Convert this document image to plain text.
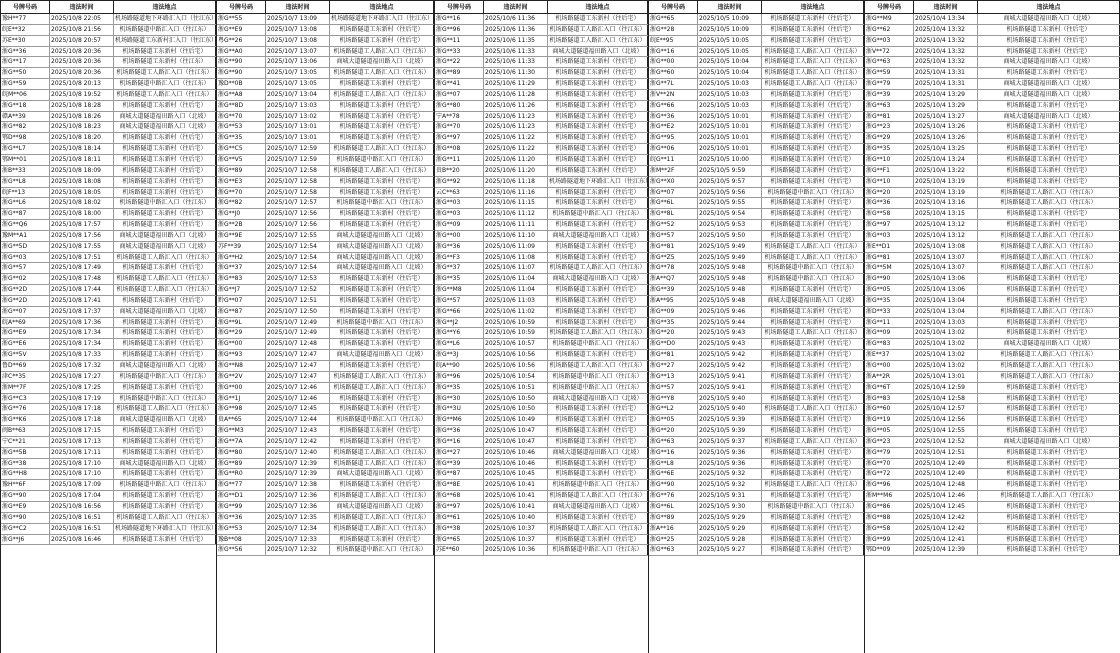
号牌号码	违法时间	违法地点
豫H**77	2025/10/8 22:05	机场路隧道地下环路汇入口（往江东）
皖E**32	2025/10/8 21:56	机场路隧道中路汇入口（往江东）
苏E**30	2025/10/8 20:57	机场路隧道工东新村汇入口（往江东）
浙G**36	2025/10/8 20:36	机场路隧道工东新村（往后宅）
浙G**17	2025/10/8 20:36	机场路隧道工东新村（往江东）
浙G**50	2025/10/8 20:36	机场路隧道工人路汇入口（往江东）
浙G**59	2025/10/8 20:13	机场路隧道中路汇入口（往江东）
皖M**06	2025/10/8 19:52	机场路隧道工人路汇入口（往江东）
浙G**18	2025/10/8 18:28	机场路隧道工东新村（往后宅）
赣A**39	2025/10/8 18:26	商城大道隧道福田路入口（北坡）
浙G**82	2025/10/8 18:23	商城大道隧道福田路入口（北坡）
鄂D**98	2025/10/8 18:20	机场路隧道工东新村（往后宅）
浙G**L7	2025/10/8 18:14	机场路隧道工东新村（往后宅）
鄂M**01	2025/10/8 18:11	机场路隧道工东新村（往后宅）
浙B**33	2025/10/8 18:09	机场路隧道工东新村（往后宅）
浙G**L8	2025/10/8 18:08	机场路隧道工东新村（往后宅）
皖F**13	2025/10/8 18:05	机场路隧道工东新村（往后宅）
浙G**L6	2025/10/8 18:02	机场路隧道中路汇入口（往江东）
浙G**87	2025/10/8 18:00	机场路隧道工东新村（往后宅）
浙G**Q6	2025/10/8 17:57	机场路隧道工东新村（往后宅）
豫M**A1	2025/10/8 17:56	商城大道隧道福田路入口（北坡）
浙G**5D	2025/10/8 17:55	商城大道隧道福田路入口（北坡）
浙G**03	2025/10/8 17:51	机场路隧道工人路汇入口（往江东）
浙G**57	2025/10/8 17:49	机场路隧道工东新村（往后宅）
浙G**02	2025/10/8 17:48	机场路隧道工人路汇入口（往江东）
浙G**2D	2025/10/8 17:44	机场路隧道工人路汇入口（往江东）
浙G**2D	2025/10/8 17:41	机场路隧道工东新村（往后宅）
浙G**07	2025/10/8 17:37	商城大道隧道福田路入口（北坡）
皖A**69	2025/10/8 17:36	机场路隧道工东新村（往后宅）
浙G**E9	2025/10/8 17:34	机场路隧道工东新村（往后宅）
浙G**E6	2025/10/8 17:34	机场路隧道工东新村（往后宅）
浙G**5V	2025/10/8 17:33	机场路隧道工东新村（往后宅）
鲁D**69	2025/10/8 17:32	商城大道隧道福田路入口（北坡）
津C**35	2025/10/8 17:27	机场路隧道中路汇入口（往江东）
浙M**7F	2025/10/8 17:25	机场路隧道工东新村（往后宅）
浙G**C3	2025/10/8 17:19	机场路隧道中路汇入口（往江东）
浙G**76	2025/10/8 17:18	机场路隧道工人路汇入口（往江东）
浙G**K6	2025/10/8 17:18	商城大道隧道福田路入口（北坡）
闽B**63	2025/10/8 17:15	机场路隧道工东新村（往后宅）
宁C**21	2025/10/8 17:13	机场路隧道工东新村（往后宅）
浙G**5B	2025/10/8 17:11	机场路隧道工东新村（往后宅）
浙G**38	2025/10/8 17:10	商城大道隧道福田路入口（北坡）
浙G**H8	2025/10/8 17:10	机场路隧道工东新村（往后宅）
豫H**6F	2025/10/8 17:09	机场路隧道中路汇入口（往江东）
浙G**90	2025/10/8 17:04	机场路隧道工东新村（往后宅）
浙G**E9	2025/10/8 16:56	机场路隧道工东新村（往后宅）
浙G**90	2025/10/8 16:51	机场路隧道工人路汇入口（往江东）
浙G**C2	2025/10/8 16:51	机场路隧道地下环路汇入口（往江东）
浙G**J6	2025/10/8 16:46	机场路隧道工东新村（往后宅）
号牌号码	违法时间	违法地点
浙G**55	2025/10/7 13:09	机场路隧道地下环路汇入口（往江东）
浙G**E9	2025/10/7 13:08	机场路隧道工东新村（往后宅）
粤G**26	2025/10/7 13:08	机场路隧道工东新村（往后宅）
浙G**A0	2025/10/7 13:07	机场路隧道工人路汇入口（往江东）
浙G**90	2025/10/7 13:06	商城大道隧道福田路入口（北坡）
浙G**90	2025/10/7 13:05	机场路隧道工人路汇入口（往江东）
豫D**0B	2025/10/7 13:05	机场路隧道工东新村（往后宅）
浙G**A8	2025/10/7 13:04	机场路隧道工人路汇入口（往江东）
浙G**8D	2025/10/7 13:03	机场路隧道工东新村（往后宅）
浙G**70	2025/10/7 13:02	机场路隧道工东新村（往后宅）
浙G**53	2025/10/7 13:01	机场路隧道工东新村（往后宅）
浙G**35	2025/10/7 13:01	机场路隧道工东新村（往后宅）
浙G**C5	2025/10/7 12:59	机场路隧道工人路汇入口（往江东）
浙G**V5	2025/10/7 12:59	机场路隧道中路汇入口（往江东）
浙G**89	2025/10/7 12:58	机场路隧道工人路汇入口（往江东）
浙G**E3	2025/10/7 12:58	机场路隧道工东新村（往后宅）
浙G**70	2025/10/7 12:58	机场路隧道工东新村（往后宅）
浙G**82	2025/10/7 12:57	机场路隧道中路汇入口（往江东）
浙G**J0	2025/10/7 12:56	机场路隧道工东新村（往后宅）
浙G**2B	2025/10/7 12:56	机场路隧道工东新村（往后宅）
浙G**9E	2025/10/7 12:55	商城大道隧道福田路入口（北坡）
苏F**39	2025/10/7 12:54	商城大道隧道福田路入口（北坡）
浙G**H2	2025/10/7 12:54	商城大道隧道福田路入口（北坡）
浙G**37	2025/10/7 12:54	商城大道隧道福田路入口（北坡）
浙G**83	2025/10/7 12:53	机场路隧道工东新村（往后宅）
浙G**J7	2025/10/7 12:52	机场路隧道工东新村（往后宅）
黔G**07	2025/10/7 12:51	机场路隧道工东新村（往后宅）
浙G**87	2025/10/7 12:50	机场路隧道工东新村（往后宅）
浙G**9L	2025/10/7 12:49	机场路隧道中路汇入口（往江东）
浙G**29	2025/10/7 12:49	机场路隧道工东新村（往后宅）
浙G**00	2025/10/7 12:48	机场路隧道工东新村（往后宅）
浙G**93	2025/10/7 12:47	商城大道隧道福田路入口（北坡）
浙G**N8	2025/10/7 12:47	机场路隧道工东新村（往后宅）
浙G**2V	2025/10/7 12:47	机场路隧道工人路汇入口（往江东）
浙G**00	2025/10/7 12:46	机场路隧道工人路汇入口（往江东）
浙G**1J	2025/10/7 12:46	机场路隧道工东新村（往后宅）
浙G**98	2025/10/7 12:45	机场路隧道工东新村（往后宅）
贵A**65	2025/10/7 12:44	机场路隧道中路汇入口（往江东）
浙G**M3	2025/10/7 12:43	机场路隧道工东新村（往后宅）
浙G**7A	2025/10/7 12:42	机场路隧道工东新村（往后宅）
浙G**80	2025/10/7 12:40	机场路隧道工人路汇入口（往江东）
浙G**89	2025/10/7 12:39	机场路隧道工人路汇入口（往江东）
浙G**R0	2025/10/7 12:39	商城大道隧道福田路入口（北坡）
浙G**77	2025/10/7 12:38	机场路隧道工东新村（往后宅）
浙G**D1	2025/10/7 12:36	机场路隧道工人路汇入口（往江东）
浙G**99	2025/10/7 12:36	商城大道隧道福田路入口（北坡）
浙G**36	2025/10/7 12:35	机场路隧道工人路汇入口（往江东）
浙G**53	2025/10/7 12:34	机场路隧道工人路汇入口（往江东）
豫B**08	2025/10/7 12:33	机场路隧道工东新村（往后宅）
浙G**56	2025/10/7 12:32	机场路隧道中路汇入口（往江东）
号牌号码	违法时间	违法地点
浙G**16	2025/10/6 11:36	机场路隧道工东新村（往后宅）
浙G**96	2025/10/6 11:36	机场路隧道工人路汇入口（往江东）
浙G**11	2025/10/6 11:35	机场路隧道工人路汇入口（往江东）
浙G**33	2025/10/6 11:33	商城大道隧道福田路入口（北坡）
浙G**22	2025/10/6 11:33	机场路隧道工东新村（往后宅）
浙G**89	2025/10/6 11:30	机场路隧道工东新村（往后宅）
浙G**41	2025/10/6 11:29	机场路隧道工东新村（往后宅）
浙G**07	2025/10/6 11:28	机场路隧道工东新村（往后宅）
浙G**80	2025/10/6 11:26	机场路隧道工东新村（往后宅）
宁A**78	2025/10/6 11:23	机场路隧道工东新村（往后宅）
浙G**70	2025/10/6 11:23	机场路隧道工东新村（往后宅）
浙G**97	2025/10/6 11:22	机场路隧道工东新村（往后宅）
浙G**08	2025/10/6 11:22	机场路隧道工东新村（往后宅）
浙G**11	2025/10/6 11:20	机场路隧道工东新村（往后宅）
贵B**20	2025/10/6 11:20	机场路隧道工东新村（往后宅）
浙G**92	2025/10/6 11:18	机场路隧道地下环路汇入口（往江东）
云C**63	2025/10/6 11:16	机场路隧道工东新村（往后宅）
浙G**03	2025/10/6 11:15	机场路隧道工东新村（往后宅）
浙G**03	2025/10/6 11:12	机场路隧道中路汇入口（往江东）
浙G**09	2025/10/6 11:11	机场路隧道工东新村（往后宅）
浙G**00	2025/10/6 11:10	商城大道隧道福田路入口（北坡）
浙G**36	2025/10/6 11:09	机场路隧道工东新村（往后宅）
浙G**F3	2025/10/6 11:08	机场路隧道工东新村（往后宅）
浙G**37	2025/10/6 11:07	机场路隧道工人路汇入口（往江东）
浙G**35	2025/10/6 11:04	商城大道隧道福田路入口（北坡）
浙G**M8	2025/10/6 11:04	机场路隧道工东新村（往后宅）
浙G**57	2025/10/6 11:03	机场路隧道工东新村（往后宅）
浙G**66	2025/10/6 11:02	机场路隧道工东新村（往后宅）
浙G**J2	2025/10/6 10:59	机场路隧道工东新村（往后宅）
浙G**Y6	2025/10/6 10:59	机场路隧道工人路汇入口（往江东）
浙G**L6	2025/10/6 10:57	机场路隧道中路汇入口（往江东）
浙G**3J	2025/10/6 10:56	机场路隧道工东新村（往后宅）
皖A**90	2025/10/6 10:56	机场路隧道工人路汇入口（往江东）
浙G**96	2025/10/6 10:54	机场路隧道中路汇入口（往江东）
浙G**35	2025/10/6 10:51	机场路隧道中路汇入口（往江东）
浙G**30	2025/10/6 10:50	商城大道隧道福田路入口（北坡）
浙G**3U	2025/10/6 10:50	机场路隧道工东新村（往后宅）
浙G**M6	2025/10/6 10:49	机场路隧道工东新村（往后宅）
浙G**36	2025/10/6 10:47	机场路隧道工东新村（往后宅）
浙G**16	2025/10/6 10:47	机场路隧道工东新村（往后宅）
浙G**27	2025/10/6 10:46	商城大道隧道福田路入口（北坡）
浙G**39	2025/10/6 10:46	机场路隧道工东新村（往后宅）
浙G**87	2025/10/6 10:45	机场路隧道工东新村（往后宅）
浙G**8E	2025/10/6 10:41	机场路隧道中路汇入口（往江东）
浙G**68	2025/10/6 10:41	机场路隧道工人路汇入口（往江东）
浙G**97	2025/10/6 10:41	商城大道隧道福田路入口（北坡）
浙G**61	2025/10/6 10:40	机场路隧道工东新村（往后宅）
浙G**38	2025/10/6 10:37	机场路隧道工人路汇入口（往江东）
浙G**65	2025/10/6 10:37	机场路隧道工东新村（往后宅）
苏E**60	2025/10/6 10:36	机场路隧道中路汇入口（往江东）
号牌号码	违法时间	违法地点
浙G**65	2025/10/5 10:09	机场路隧道工东新村（往后宅）
浙G**28	2025/10/5 10:09	机场路隧道工东新村（往后宅）
皖E**95	2025/10/5 10:05	机场路隧道工东新村（往后宅）
浙G**16	2025/10/5 10:05	机场路隧道工人路汇入口（往江东）
浙G**00	2025/10/5 10:04	机场路隧道工人路汇入口（往江东）
浙G**60	2025/10/5 10:04	机场路隧道工人路汇入口（往江东）
浙G**7L	2025/10/5 10:03	机场路隧道工人路汇入口（往江东）
浙V**2N	2025/10/5 10:03	机场路隧道工东新村（往后宅）
浙G**66	2025/10/5 10:03	机场路隧道工东新村（往后宅）
浙G**36	2025/10/5 10:01	机场路隧道工东新村（往后宅）
浙G**E2	2025/10/5 10:01	机场路隧道工东新村（往后宅）
浙G**95	2025/10/5 10:01	机场路隧道工东新村（往后宅）
浙G**06	2025/10/5 10:01	机场路隧道工东新村（往后宅）
皖G**11	2025/10/5 10:00	机场路隧道工东新村（往后宅）
浙M**2F	2025/10/5 9:59	机场路隧道工东新村（往后宅）
浙G**X0	2025/10/5 9:57	机场路隧道工东新村（往后宅）
浙G**07	2025/10/5 9:56	机场路隧道中路汇入口（往江东）
浙G**6L	2025/10/5 9:55	机场路隧道工东新村（往后宅）
浙G**8L	2025/10/5 9:54	机场路隧道工东新村（往后宅）
浙G**52	2025/10/5 9:53	机场路隧道工东新村（往后宅）
浙G**57	2025/10/5 9:50	机场路隧道工东新村（往后宅）
浙G**81	2025/10/5 9:49	机场路隧道工人路汇入口（往江东）
浙G**Z5	2025/10/5 9:49	机场路隧道工人路汇入口（往江东）
浙G**78	2025/10/5 9:48	机场路隧道中路汇入口（往江东）
浙A**Q7	2025/10/5 9:48	机场路隧道中路汇入口（往江东）
浙G**39	2025/10/5 9:48	机场路隧道工东新村（往后宅）
浙A**95	2025/10/5 9:48	商城大道隧道福田路入口（北坡）
浙G**09	2025/10/5 9:46	机场路隧道工东新村（往后宅）
浙G**35	2025/10/5 9:44	机场路隧道工东新村（往后宅）
浙G**20	2025/10/5 9:43	机场路隧道工人路汇入口（往江东）
浙G**D0	2025/10/5 9:43	机场路隧道工东新村（往后宅）
浙G**81	2025/10/5 9:42	机场路隧道工东新村（往后宅）
浙G**27	2025/10/5 9:42	机场路隧道工东新村（往后宅）
浙G**13	2025/10/5 9:41	机场路隧道工东新村（往后宅）
浙G**57	2025/10/5 9:41	机场路隧道工东新村（往后宅）
浙G**Y8	2025/10/5 9:40	机场路隧道工东新村（往后宅）
浙G**L2	2025/10/5 9:40	机场路隧道工人路汇入口（往江东）
浙G**05	2025/10/5 9:39	机场路隧道工东新村（往后宅）
浙G**20	2025/10/5 9:39	机场路隧道工东新村（往后宅）
浙G**63	2025/10/5 9:37	机场路隧道工人路汇入口（往江东）
浙G**16	2025/10/5 9:36	机场路隧道工东新村（往后宅）
浙G**L8	2025/10/5 9:36	机场路隧道工东新村（往后宅）
浙G**6E	2025/10/5 9:32	机场路隧道工东新村（往后宅）
浙G**90	2025/10/5 9:32	机场路隧道工人路汇入口（往江东）
浙G**76	2025/10/5 9:31	机场路隧道工东新村（往后宅）
浙G**6L	2025/10/5 9:30	机场路隧道中路汇入口（往江东）
浙G**89	2025/10/5 9:29	机场路隧道工东新村（往后宅）
浙A**16	2025/10/5 9:29	机场路隧道工东新村（往后宅）
浙G**25	2025/10/5 9:28	机场路隧道工东新村（往后宅）
浙G**63	2025/10/5 9:27	机场路隧道工东新村（往后宅）
号牌号码	违法时间	违法地点
浙G**M9	2025/10/4 13:34	商城大道隧道福田路入口（北坡）
浙G**62	2025/10/4 13:32	机场路隧道工东新村（往后宅）
浙G**03	2025/10/4 13:32	机场路隧道工东新村（往后宅）
浙V**72	2025/10/4 13:32	机场路隧道工东新村（往后宅）
浙G**63	2025/10/4 13:32	商城大道隧道福田路入口（北坡）
浙G**59	2025/10/4 13:31	机场路隧道工东新村（往后宅）
浙G**79	2025/10/4 13:31	商城大道隧道福田路入口（北坡）
浙G**39	2025/10/4 13:29	商城大道隧道福田路入口（北坡）
浙G**63	2025/10/4 13:29	机场路隧道工东新村（往后宅）
浙G**81	2025/10/4 13:27	商城大道隧道福田路入口（北坡）
浙G**23	2025/10/4 13:26	机场路隧道工东新村（往后宅）
浙G**29	2025/10/4 13:26	机场路隧道工东新村（往后宅）
浙G**35	2025/10/4 13:25	机场路隧道工东新村（往后宅）
浙G**10	2025/10/4 13:24	机场路隧道工东新村（往后宅）
浙G**F1	2025/10/4 13:22	机场路隧道工东新村（往后宅）
浙G**10	2025/10/4 13:19	机场路隧道工东新村（往后宅）
浙G**20	2025/10/4 13:19	机场路隧道工人路汇入口（往江东）
浙G**36	2025/10/4 13:16	机场路隧道工人路汇入口（往江东）
浙G**58	2025/10/4 13:15	机场路隧道工东新村（往后宅）
浙G**97	2025/10/4 13:12	机场路隧道工东新村（往后宅）
浙G**03	2025/10/4 13:12	机场路隧道工人路汇入口（往江东）
浙E**D1	2025/10/4 13:08	机场路隧道工人路汇入口（往江东）
浙G**81	2025/10/4 13:07	机场路隧道工人路汇入口（往江东）
浙G**5M	2025/10/4 13:07	机场路隧道工人路汇入口（往江东）
浙G**90	2025/10/4 13:06	机场路隧道工东新村（往后宅）
浙G**05	2025/10/4 13:06	机场路隧道工东新村（往后宅）
浙G**35	2025/10/4 13:04	机场路隧道工东新村（往后宅）
浙D**33	2025/10/4 13:04	机场路隧道工人路汇入口（往江东）
浙G**11	2025/10/4 13:03	机场路隧道工东新村（往后宅）
浙G**09	2025/10/4 13:02	机场路隧道工东新村（往后宅）
浙G**83	2025/10/4 13:02	商城大道隧道福田路入口（北坡）
浙E**37	2025/10/4 13:02	机场路隧道工人路汇入口（往江东）
浙G**00	2025/10/4 13:02	机场路隧道工人路汇入口（往江东）
浙A**2R	2025/10/4 13:01	机场路隧道工人路汇入口（往江东）
浙G**6T	2025/10/4 12:59	机场路隧道工东新村（往后宅）
浙G**83	2025/10/4 12:58	机场路隧道工东新村（往后宅）
浙G**60	2025/10/4 12:57	机场路隧道工东新村（往后宅）
浙G**19	2025/10/4 12:56	机场路隧道工东新村（往后宅）
浙G**05	2025/10/4 12:55	机场路隧道工东新村（往后宅）
浙G**23	2025/10/4 12:52	商城大道隧道福田路入口（北坡）
浙G**79	2025/10/4 12:51	机场路隧道工东新村（往后宅）
浙G**70	2025/10/4 12:49	机场路隧道工东新村（往后宅）
浙G**72	2025/10/4 12:49	机场路隧道工东新村（往后宅）
浙G**96	2025/10/4 12:48	机场路隧道工东新村（往后宅）
浙M**M6	2025/10/4 12:46	机场路隧道工人路汇入口（往江东）
浙G**86	2025/10/4 12:45	机场路隧道工东新村（往后宅）
浙G**88	2025/10/4 12:42	机场路隧道工东新村（往后宅）
浙G**58	2025/10/4 12:42	机场路隧道工东新村（往后宅）
浙G**99	2025/10/4 12:41	机场路隧道工东新村（往后宅）
鄂D**09	2025/10/4 12:39	机场路隧道工东新村（往后宅）
